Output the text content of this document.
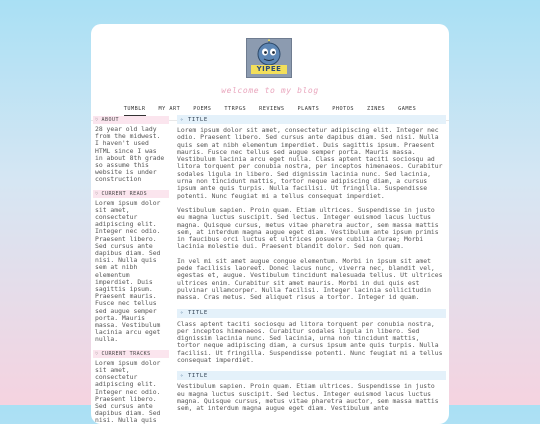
YIPEE
welcome to my blog
TUMBLR	MY ART	POEMS	TTRPGS	REVIEWS	PLANTS	PHOTOS	ZINES	GAMES
♡ ABOUT

28 year old lady from the midwest. I haven't used HTML since I was in about 8th grade so assume this website is under construction

♡ CURRENT READS

Lorem ipsum dolor sit amet, consectetur adipiscing elit. Integer nec odio. Praesent libero. Sed cursus ante dapibus diam. Sed nisi. Nulla quis sem at nibh elementum imperdiet. Duis sagittis ipsum. Praesent mauris. Fusce nec tellus sed augue semper porta. Mauris massa. Vestibulum lacinia arcu eget nulla.

♡ CURRENT TRACKS

Lorem ipsum dolor sit amet, consectetur adipiscing elit. Integer nec odio. Praesent libero. Sed cursus ante dapibus diam. Sed nisi. Nulla quis

✧ TITLE

Lorem ipsum dolor sit amet, consectetur adipiscing elit. Integer nec odio. Praesent libero. Sed cursus ante dapibus diam. Sed nisi. Nulla quis sem at nibh elementum imperdiet. Duis sagittis ipsum. Praesent mauris. Fusce nec tellus sed augue semper porta. Mauris massa. Vestibulum lacinia arcu eget nulla. Class aptent taciti sociosqu ad litora torquent per conubia nostra, per inceptos himenaeos. Curabitur sodales ligula in libero. Sed dignissim lacinia nunc. Sed lacinia, urna non tincidunt mattis, tortor neque adipiscing diam, a cursus ipsum ante quis turpis. Nulla facilisi. Ut fringilla. Suspendisse potenti. Nunc feugiat mi a tellus consequat imperdiet.

Vestibulum sapien. Proin quam. Etiam ultrices. Suspendisse in justo eu magna luctus suscipit. Sed lectus. Integer euismod lacus luctus magna. Quisque cursus, metus vitae pharetra auctor, sem massa mattis sem, at interdum magna augue eget diam. Vestibulum ante ipsum primis in faucibus orci luctus et ultrices posuere cubilia Curae; Morbi lacinia molestie dui. Praesent blandit dolor. Sed non quam.

In vel mi sit amet augue congue elementum. Morbi in ipsum sit amet pede facilisis laoreet. Donec lacus nunc, viverra nec, blandit vel, egestas et, augue. Vestibulum tincidunt malesuada tellus. Ut ultrices ultrices enim. Curabitur sit amet mauris. Morbi in dui quis est pulvinar ullamcorper. Nulla facilisi. Integer lacinia sollicitudin massa. Cras metus. Sed aliquet risus a tortor. Integer id quam.

✧ TITLE

Class aptent taciti sociosqu ad litora torquent per conubia nostra, per inceptos himenaeos. Curabitur sodales ligula in libero. Sed dignissim lacinia nunc. Sed lacinia, urna non tincidunt mattis, tortor neque adipiscing diam, a cursus ipsum ante quis turpis. Nulla facilisi. Ut fringilla. Suspendisse potenti. Nunc feugiat mi a tellus consequat imperdiet.

✧ TITLE

Vestibulum sapien. Proin quam. Etiam ultrices. Suspendisse in justo eu magna luctus suscipit. Sed lectus. Integer euismod lacus luctus magna. Quisque cursus, metus vitae pharetra auctor, sem massa mattis sem, at interdum magna augue eget diam. Vestibulum ante
